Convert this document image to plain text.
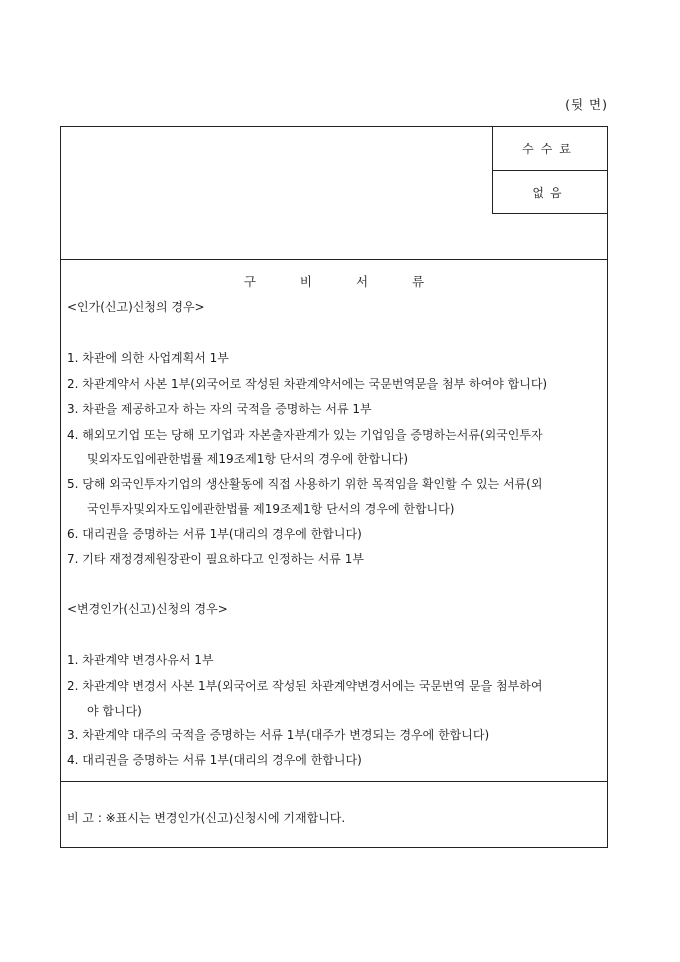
(뒷 면)
수수료
없음
구 비 서 류
<인가(신고)신청의 경우>
1. 차관에 의한 사업계획서 1부
2. 차관계약서 사본 1부(외국어로 작성된 차관계약서에는 국문번역문을 첨부 하여야 합니다)
3. 차관을 제공하고자 하는 자의 국적을 증명하는 서류 1부
4. 해외모기업 또는 당해 모기업과 자본출자관계가 있는 기업임을 증명하는서류(외국인투자
및외자도입에관한법률 제19조제1항 단서의 경우에 한합니다)
5. 당해 외국인투자기업의 생산활동에 직접 사용하기 위한 목적임을 확인할 수 있는 서류(외
국인투자및외자도입에관한법률 제19조제1항 단서의 경우에 한합니다)
6. 대리권을 증명하는 서류 1부(대리의 경우에 한합니다)
7. 기타 재정경제원장관이 필요하다고 인정하는 서류 1부
<변경인가(신고)신청의 경우>
1. 차관계약 변경사유서 1부
2. 차관계약 변경서 사본 1부(외국어로 작성된 차관계약변경서에는 국문번역 문을 첨부하여
야 합니다)
3. 차관계약 대주의 국적을 증명하는 서류 1부(대주가 변경되는 경우에 한합니다)
4. 대리권을 증명하는 서류 1부(대리의 경우에 한합니다)
비 고 : ※표시는 변경인가(신고)신청시에 기재합니다.
